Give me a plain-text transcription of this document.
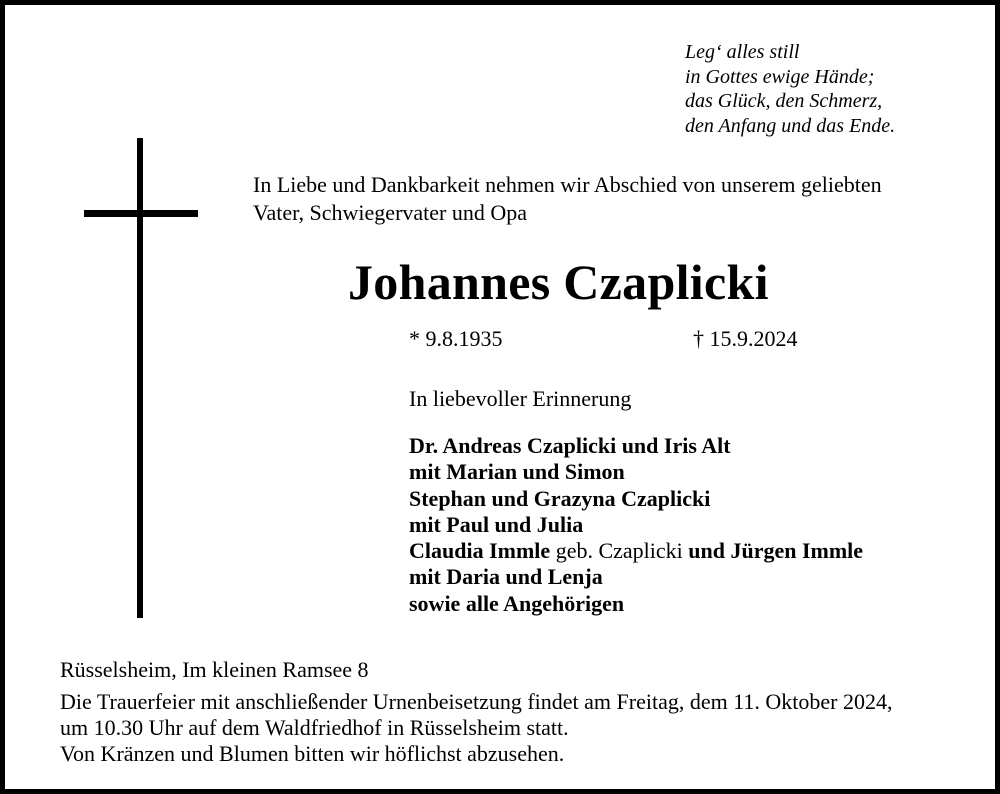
Leg‘ alles still
in Gottes ewige Hände;
das Glück, den Schmerz,
den Anfang und das Ende.
In Liebe und Dankbarkeit nehmen wir Abschied von unserem geliebten
Vater, Schwiegervater und Opa
Johannes Czaplicki
* 9.8.1935	† 15.9.2024
In liebevoller Erinnerung
Dr. Andreas Czaplicki und Iris Alt
mit Marian und Simon
Stephan und Grazyna Czaplicki
mit Paul und Julia
Claudia Immle geb. Czaplicki und Jürgen Immle
mit Daria und Lenja
sowie alle Angehörigen
Rüsselsheim, Im kleinen Ramsee 8
Die Trauerfeier mit anschließender Urnenbeisetzung findet am Freitag, dem 11. Oktober 2024,
um 10.30 Uhr auf dem Waldfriedhof in Rüsselsheim statt.
Von Kränzen und Blumen bitten wir höflichst abzusehen.
